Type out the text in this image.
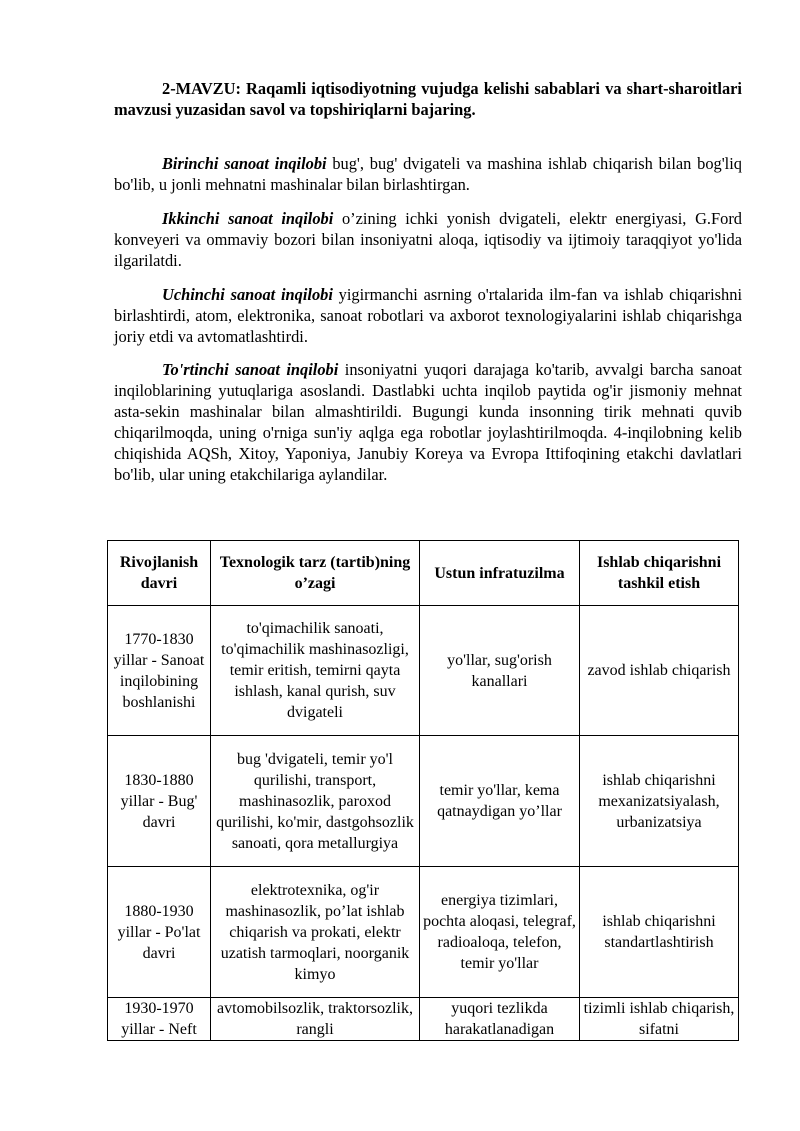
2-MAVZU: Raqamli iqtisodiyotning vujudga kelishi sabablari va shart-sharoitlari mavzusi yuzasidan savol va topshiriqlarni bajaring.

Birinchi sanoat inqilobi bug', bug' dvigateli va mashina ishlab chiqarish bilan bog'liq bo'lib, u jonli mehnatni mashinalar bilan birlashtirgan.

Ikkinchi sanoat inqilobi o’zining ichki yonish dvigateli, elektr energiyasi, G.Ford konveyeri va ommaviy bozori bilan insoniyatni aloqa, iqtisodiy va ijtimoiy taraqqiyot yo'lida ilgarilatdi.

Uchinchi sanoat inqilobi yigirmanchi asrning o'rtalarida ilm-fan va ishlab chiqarishni birlashtirdi, atom, elektronika, sanoat robotlari va axborot texnologiyalarini ishlab chiqarishga joriy etdi va avtomatlashtirdi.

To'rtinchi sanoat inqilobi insoniyatni yuqori darajaga ko'tarib, avvalgi barcha sanoat inqiloblarining yutuqlariga asoslandi. Dastlabki uchta inqilob paytida og'ir jismoniy mehnat asta-sekin mashinalar bilan almashtirildi. Bugungi kunda insonning tirik mehnati quvib chiqarilmoqda, uning o'rniga sun'iy aqlga ega robotlar joylashtirilmoqda. 4-inqilobning kelib chiqishida AQSh, Xitoy, Yaponiya, Janubiy Koreya va Evropa Ittifoqining etakchi davlatlari bo'lib, ular uning etakchilariga aylandilar.

Rivojlanish davri	Texnologik tarz (tartib)ning o’zagi	Ustun infratuzilma	Ishlab chiqarishni tashkil etish
1770-1830 yillar - Sanoat inqilobining boshlanishi	to'qimachilik sanoati, to'qimachilik mashinasozligi, temir eritish, temirni qayta ishlash, kanal qurish, suv dvigateli	yo'llar, sug'orish kanallari	zavod ishlab chiqarish
1830-1880 yillar - Bug' davri	bug 'dvigateli, temir yo'l qurilishi, transport, mashinasozlik, paroxod qurilishi, ko'mir, dastgohsozlik sanoati, qora metallurgiya	temir yo'llar, kema qatnaydigan yo’llar	ishlab chiqarishni mexanizatsiyalash, urbanizatsiya
1880-1930 yillar - Po'lat davri	elektrotexnika, og'ir mashinasozlik, po’lat ishlab chiqarish va prokati, elektr uzatish tarmoqlari, noorganik kimyo	energiya tizimlari, pochta aloqasi, telegraf, radioaloqa, telefon, temir yo'llar	ishlab chiqarishni standartlashtirish
1930-1970 yillar - Neft	avtomobilsozlik, traktorsozlik, rangli	yuqori tezlikda harakatlanadigan	tizimli ishlab chiqarish, sifatni
